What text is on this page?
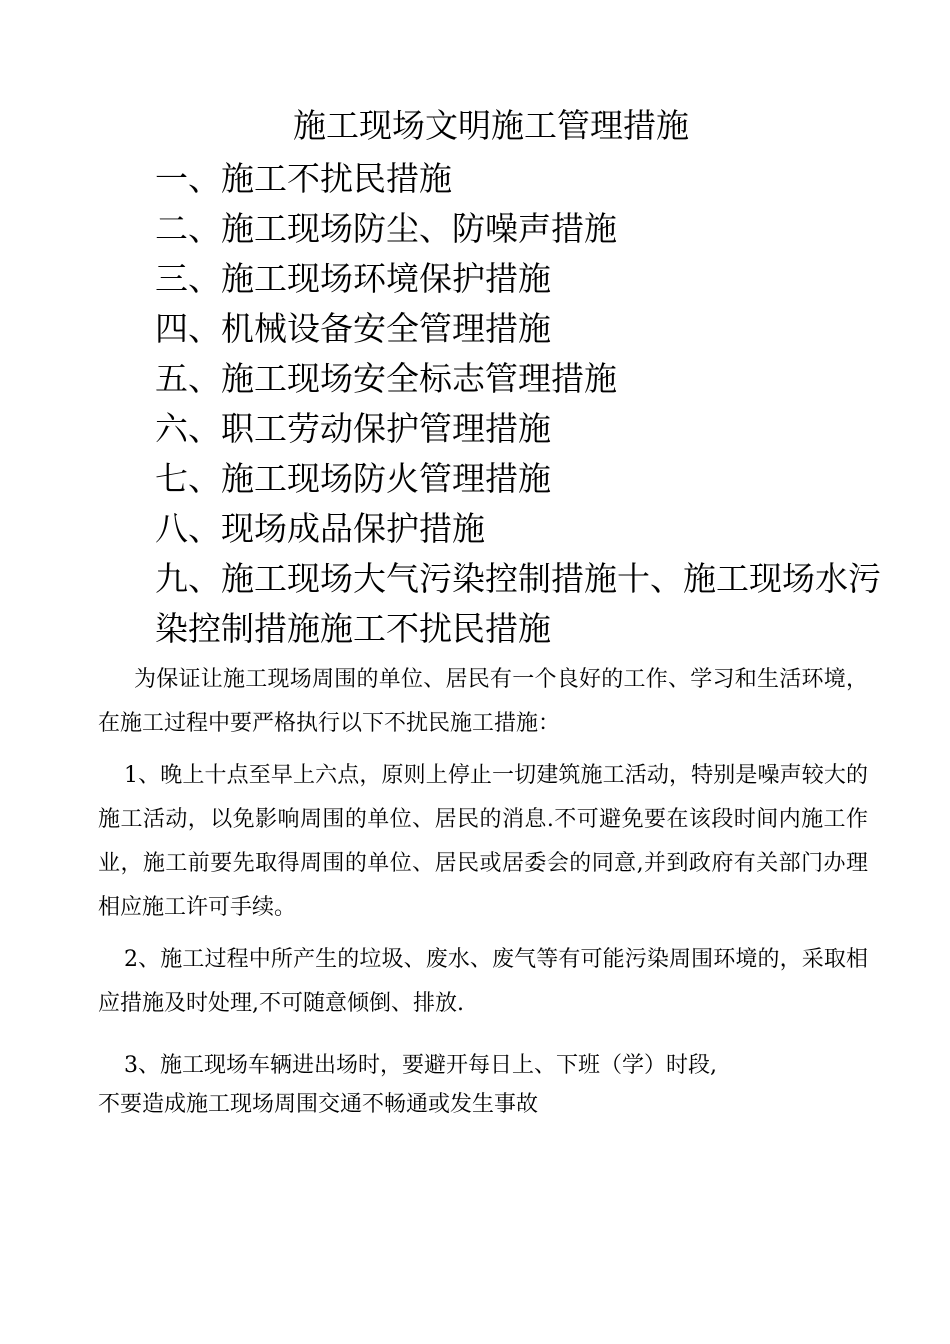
施工现场文明施工管理措施
一、施工不扰民措施
二、施工现场防尘、防噪声措施
三、施工现场环境保护措施
四、机械设备安全管理措施
五、施工现场安全标志管理措施
六、职工劳动保护管理措施
七、施工现场防火管理措施
八、现场成品保护措施
九、施工现场大气污染控制措施十、施工现场水污染控制措施施工不扰民措施

为保证让施工现场周围的单位、居民有一个良好的工作、学习和生活环境，在施工过程中要严格执行以下不扰民施工措施：

1、晚上十点至早上六点，原则上停止一切建筑施工活动，特别是噪声较大的施工活动，以免影响周围的单位、居民的消息.不可避免要在该段时间内施工作业，施工前要先取得周围的单位、居民或居委会的同意,并到政府有关部门办理相应施工许可手续。

2、施工过程中所产生的垃圾、废水、废气等有可能污染周围环境的，采取相应措施及时处理,不可随意倾倒、排放.

3、施工现场车辆进出场时，要避开每日上、下班（学）时段,

不要造成施工现场周围交通不畅通或发生事故
